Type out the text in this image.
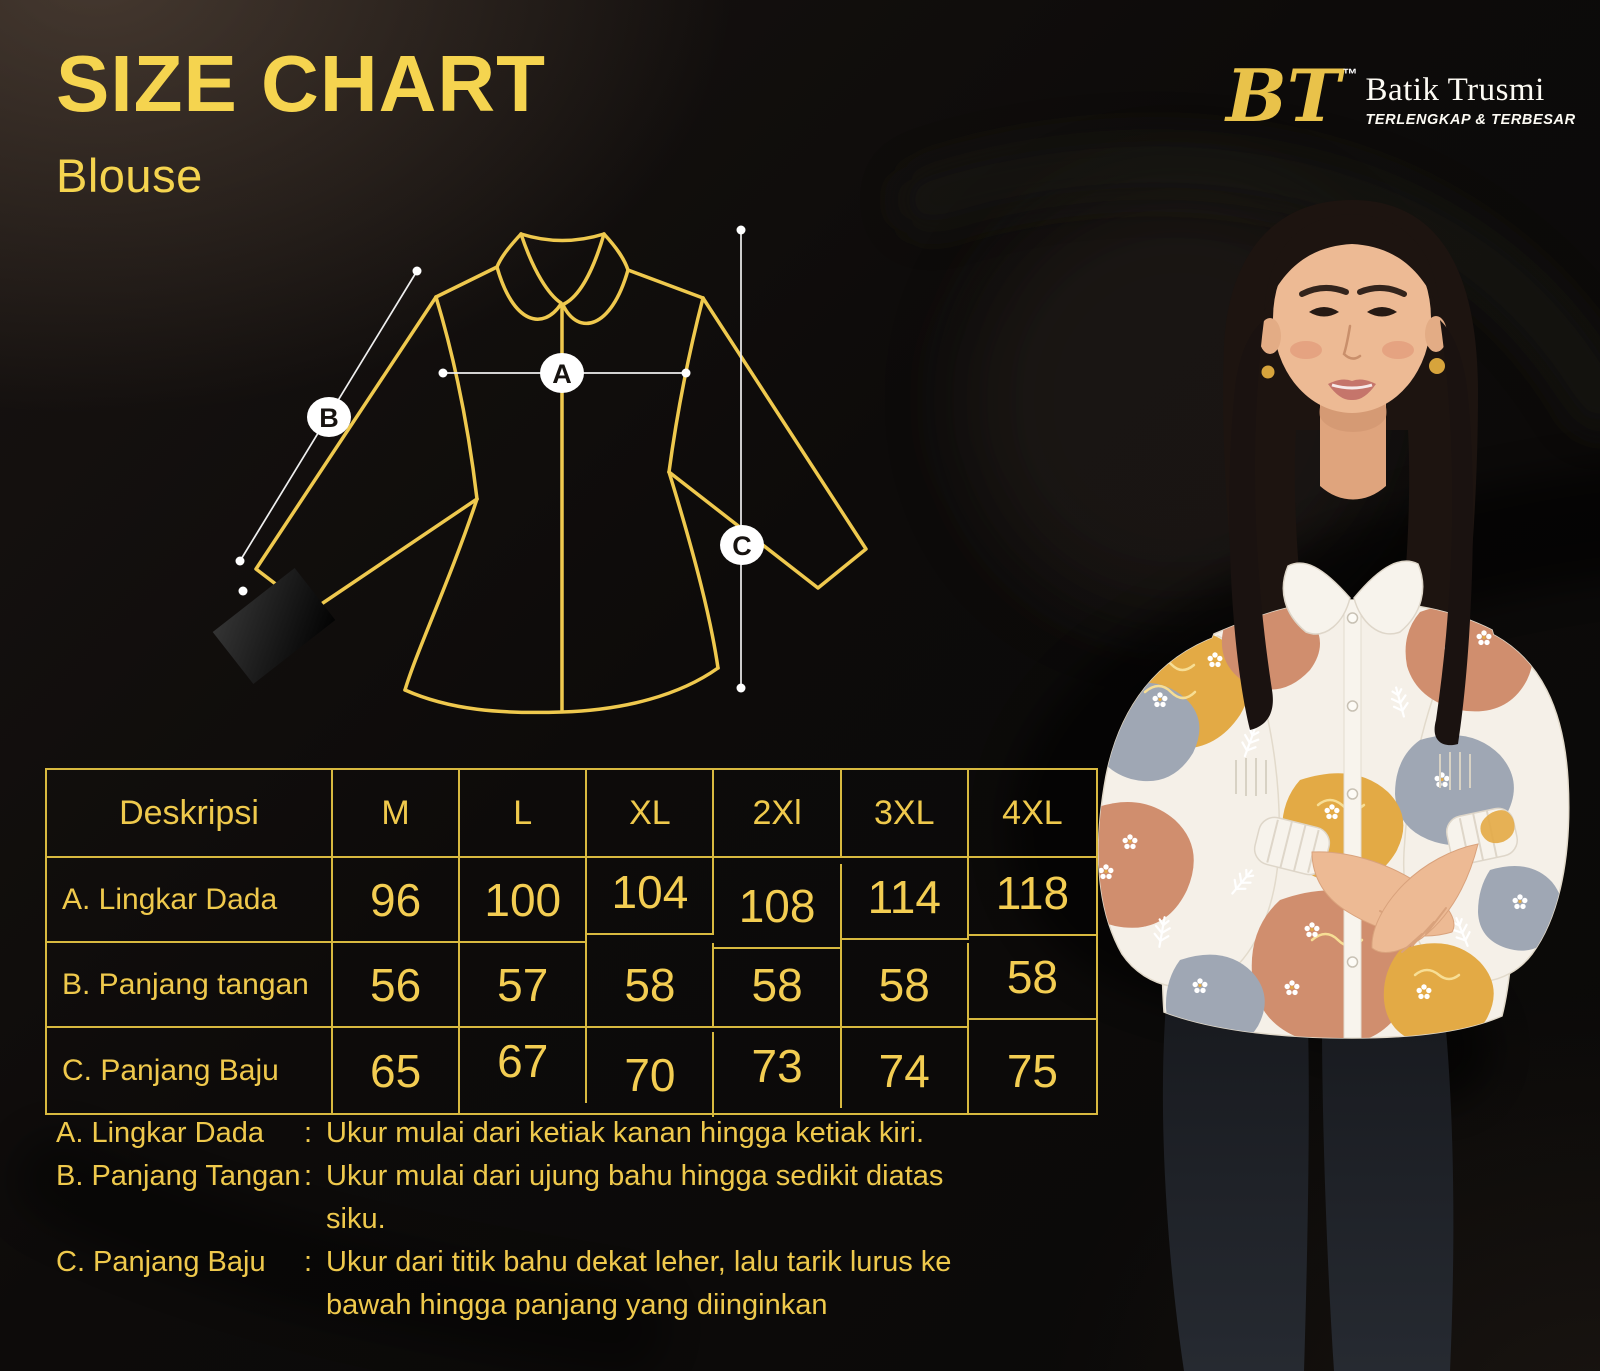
A
B
C
SIZE CHART
Blouse
BT ™ Batik Trusmi
TERLENGKAP & TERBESAR
Deskripsi	M	L	XL	2Xl	3XL	4XL
A. Lingkar Dada	96	100	104	108	114	118
B. Panjang tangan	56	57	58	58	58	58
C. Panjang Baju	65	67	70	73	74	75
A. Lingkar Dada	: Ukur mulai dari ketiak kanan hingga ketiak kiri.
B. Panjang Tangan : Ukur mulai dari ujung bahu hingga sedikit diatas siku.
C. Panjang Baju	: Ukur dari titik bahu dekat leher, lalu tarik lurus ke bawah hingga panjang yang diinginkan
